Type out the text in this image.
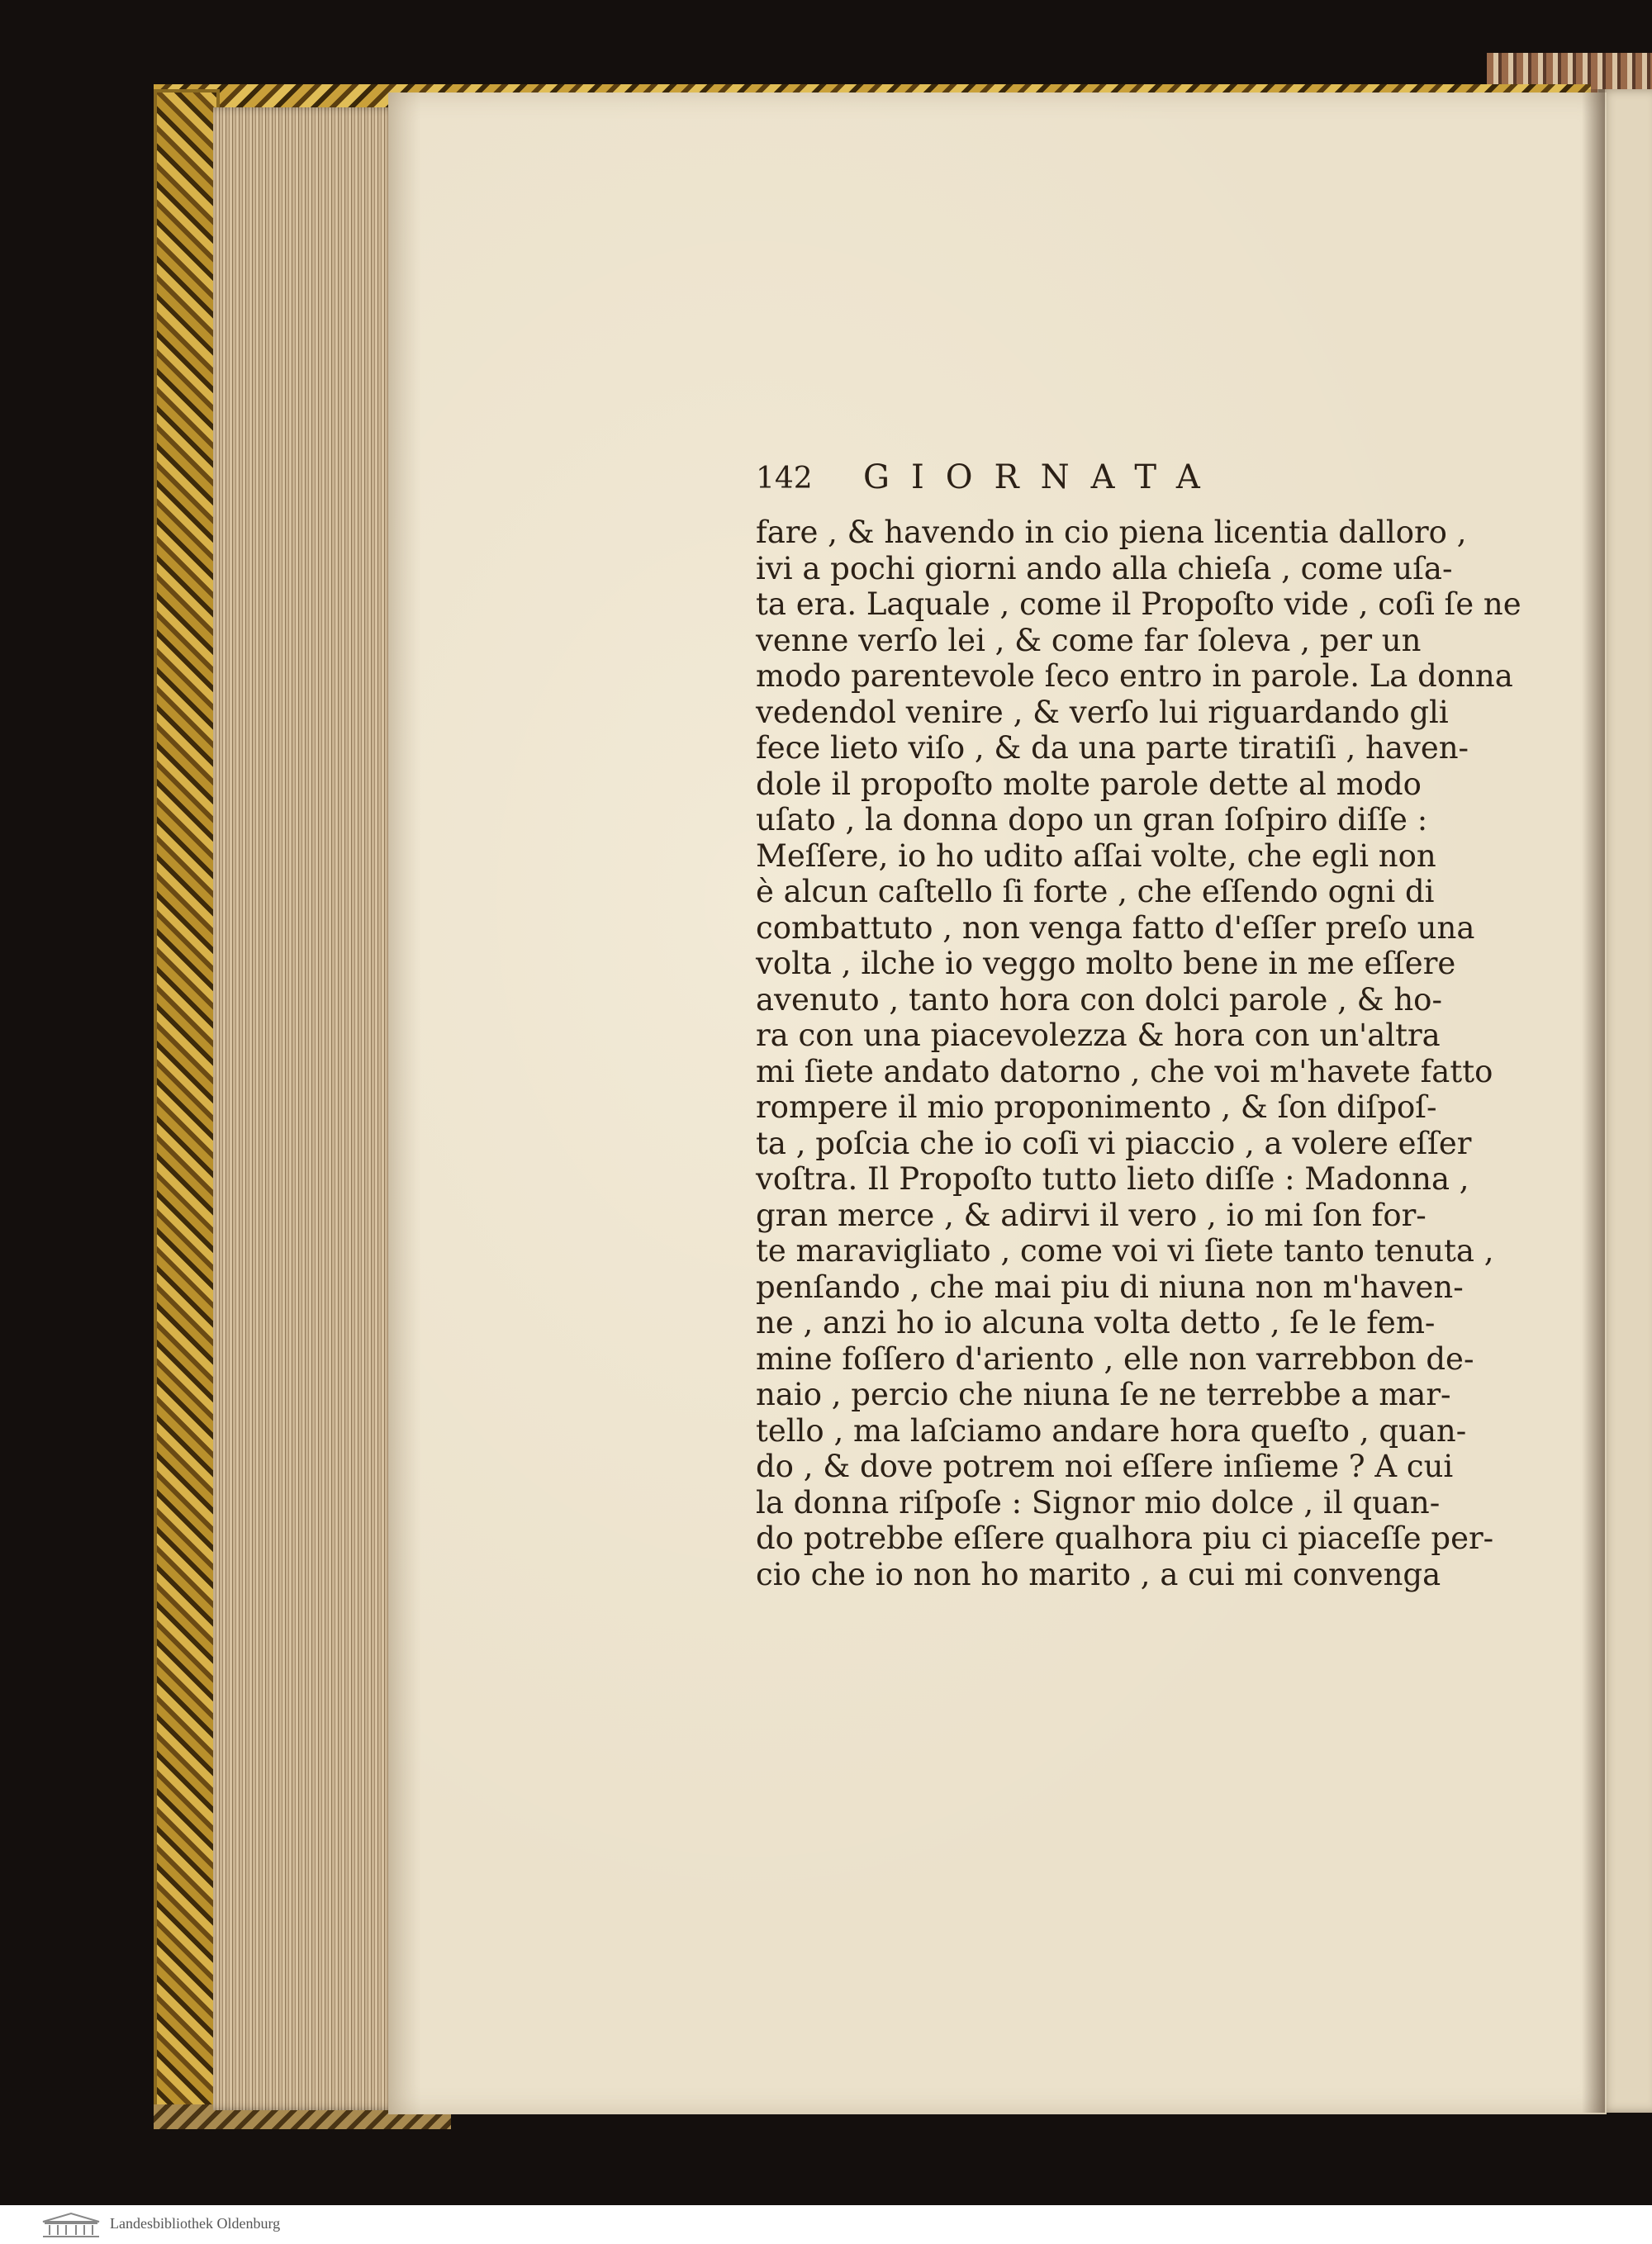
142 GIORNATA
fare , & havendo in cio piena licentia dalloro ,
ivi a pochi giorni ando alla chieſa , come uſa-
ta era. Laquale , come il Propoſto vide , coſi ſe ne
venne verſo lei , & come far ſoleva , per un
modo parentevole ſeco entro in parole. La donna
vedendol venire , & verſo lui riguardando gli
fece lieto viſo , & da una parte tiratiſi , haven-
dole il propoſto molte parole dette al modo
uſato , la donna dopo un gran ſoſpiro diſſe :
Meſſere, io ho udito aſſai volte, che egli non
è alcun caſtello ſi forte , che eſſendo ogni di
combattuto , non venga fatto d'eſſer preſo una
volta , ilche io veggo molto bene in me eſſere
avenuto , tanto hora con dolci parole , & ho-
ra con una piacevolezza & hora con un'altra
mi ſiete andato datorno , che voi m'havete fatto
rompere il mio proponimento , & ſon diſpoſ-
ta , poſcia che io coſi vi piaccio , a volere eſſer
voſtra. Il Propoſto tutto lieto diſſe : Madonna ,
gran merce , & adirvi il vero , io mi ſon for-
te maravigliato , come voi vi ſiete tanto tenuta ,
penſando , che mai piu di niuna non m'haven-
ne , anzi ho io alcuna volta detto , ſe le fem-
mine foſſero d'ariento , elle non varrebbon de-
naio , percio che niuna ſe ne terrebbe a mar-
tello , ma laſciamo andare hora queſto , quan-
do , & dove potrem noi eſſere inſieme ? A cui
la donna riſpoſe : Signor mio dolce , il quan-
do potrebbe eſſere qualhora piu ci piaceſſe per-
cio che io non ho marito , a cui mi convenga
Landesbibliothek Oldenburg
